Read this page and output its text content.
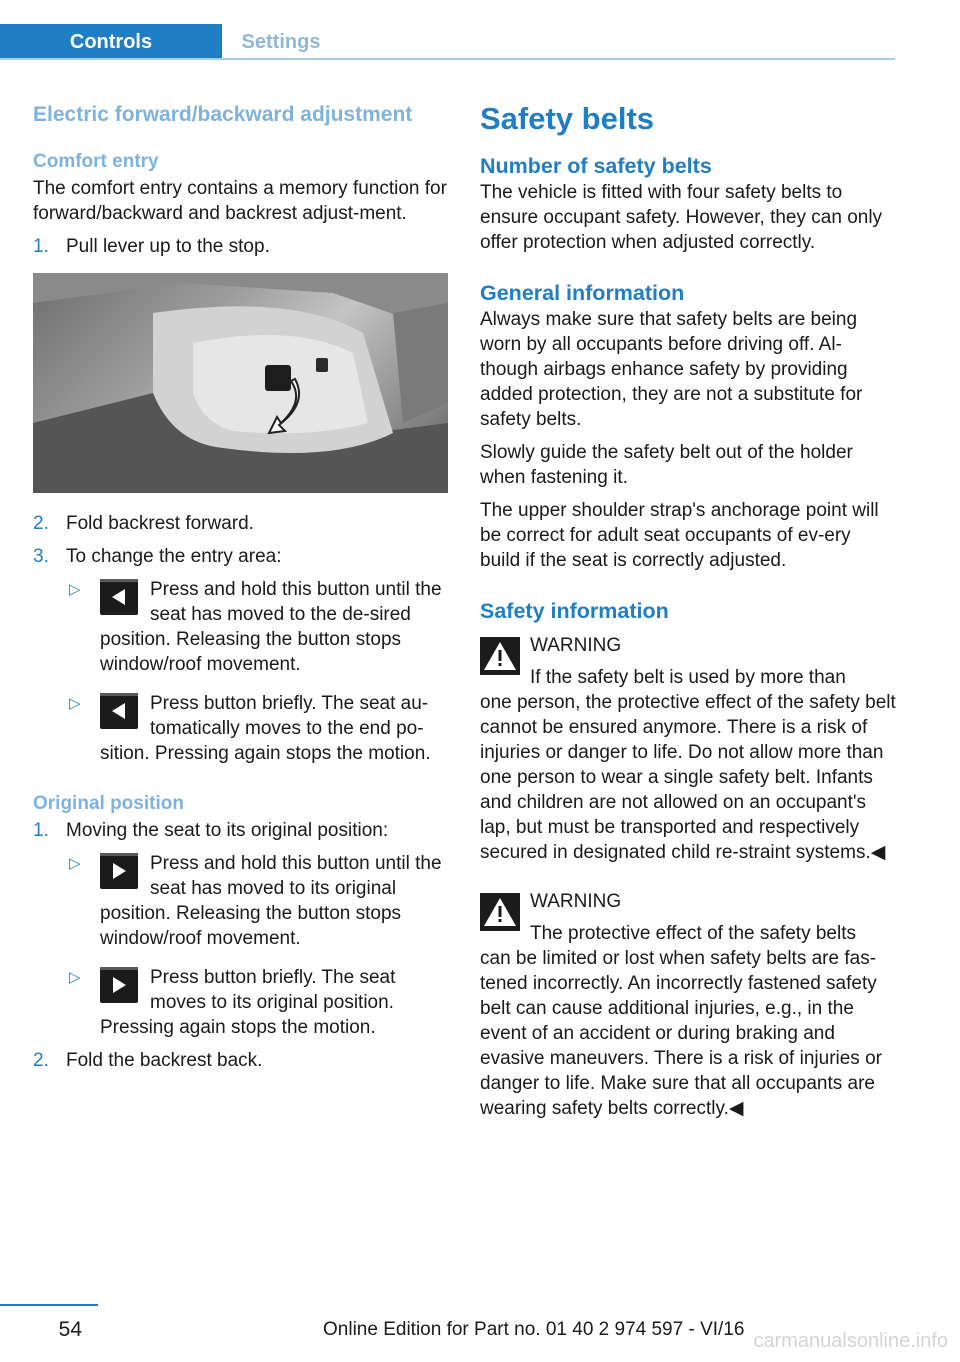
Controls	Settings
Electric forward/backward adjustment
Comfort entry

The comfort entry contains a memory function for forward/backward and backrest adjust‐ment.

1. Pull lever up to the stop.
2. Fold backrest forward.
3. To change the entry area:
▷	Press and hold this button until the seat has moved to the de‐sired position. Releasing the button stops window/roof movement.
▷	Press button briefly. The seat au‐tomatically moves to the end po‐sition. Pressing again stops the motion.
Original position
1. Moving the seat to its original position:
▷	Press and hold this button until the seat has moved to its original position. Releasing the button stops window/roof movement.
▷	Press button briefly. The seat moves to its original position. Pressing again stops the motion.
2. Fold the backrest back.
Safety belts
Number of safety belts

The vehicle is fitted with four safety belts to ensure occupant safety. However, they can only offer protection when adjusted correctly.

General information

Always make sure that safety belts are being worn by all occupants before driving off. Al‐though airbags enhance safety by providing added protection, they are not a substitute for safety belts.

Slowly guide the safety belt out of the holder when fastening it.

The upper shoulder strap's anchorage point will be correct for adult seat occupants of ev‐ery build if the seat is correctly adjusted.

Safety information
WARNING
If the safety belt is used by more than

one person, the protective effect of the safety belt cannot be ensured anymore. There is a risk of injuries or danger to life. Do not allow more than one person to wear a single safety belt. Infants and children are not allowed on an occupant's lap, but must be transported and respectively secured in designated child re‐straint systems.◀

WARNING
The protective effect of the safety belts

can be limited or lost when safety belts are fas‐tened incorrectly. An incorrectly fastened safety belt can cause additional injuries, e.g., in the event of an accident or during braking and evasive maneuvers. There is a risk of injuries or danger to life. Make sure that all occupants are wearing safety belts correctly.◀

54	Online Edition for Part no. 01 40 2 974 597 - VI/16
carmanualsonline.info
